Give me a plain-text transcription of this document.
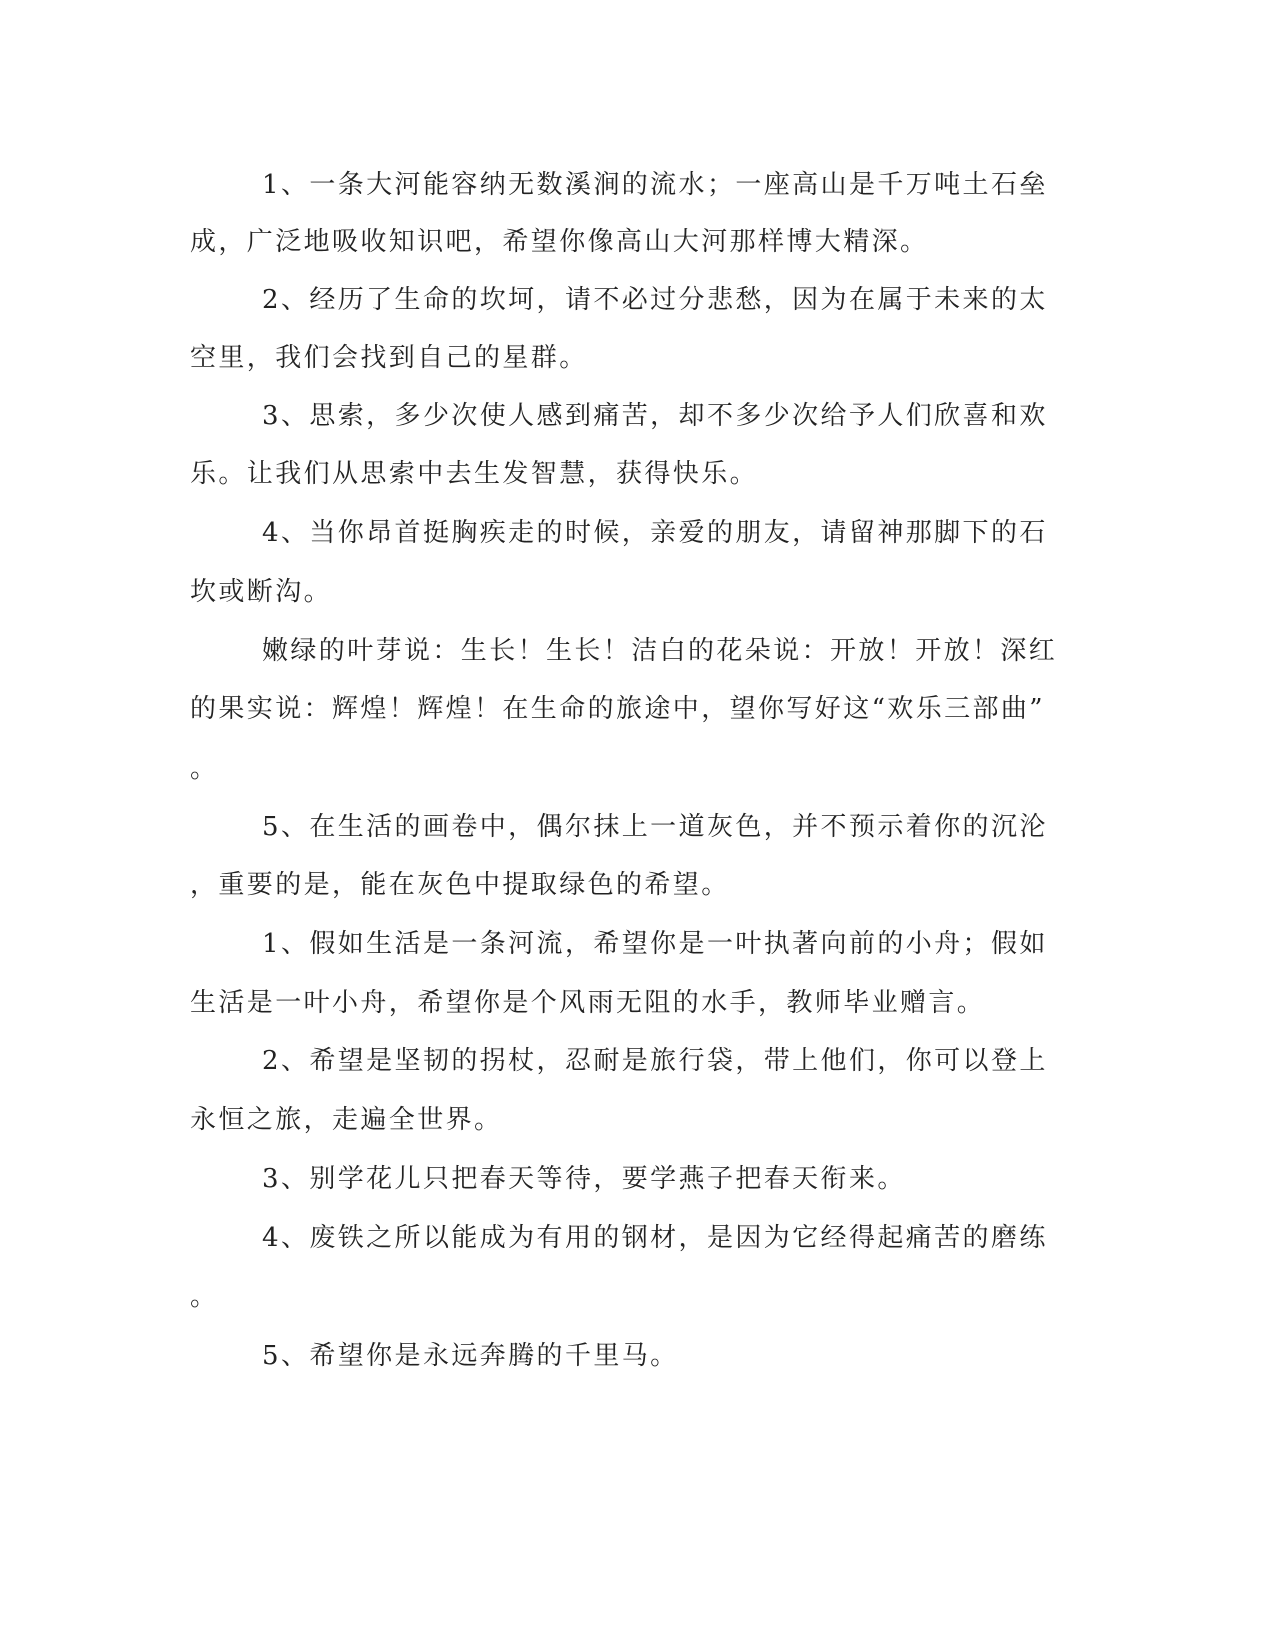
1、一条大河能容纳无数溪涧的流水；一座高山是千万吨土石垒
成，广泛地吸收知识吧，希望你像高山大河那样博大精深。
2、经历了生命的坎坷，请不必过分悲愁，因为在属于未来的太
空里，我们会找到自己的星群。
3、思索，多少次使人感到痛苦，却不多少次给予人们欣喜和欢
乐。让我们从思索中去生发智慧，获得快乐。
4、当你昂首挺胸疾走的时候，亲爱的朋友，请留神那脚下的石
坎或断沟。
嫩绿的叶芽说：生长！生长！洁白的花朵说：开放！开放！深红
的果实说：辉煌！辉煌！在生命的旅途中，望你写好这“欢乐三部曲”
。
5、在生活的画卷中，偶尔抹上一道灰色，并不预示着你的沉沦
，重要的是，能在灰色中提取绿色的希望。
1、假如生活是一条河流，希望你是一叶执著向前的小舟；假如
生活是一叶小舟，希望你是个风雨无阻的水手，教师毕业赠言。
2、希望是坚韧的拐杖，忍耐是旅行袋，带上他们，你可以登上
永恒之旅，走遍全世界。
3、别学花儿只把春天等待，要学燕子把春天衔来。
4、废铁之所以能成为有用的钢材，是因为它经得起痛苦的磨练
。
5、希望你是永远奔腾的千里马。
